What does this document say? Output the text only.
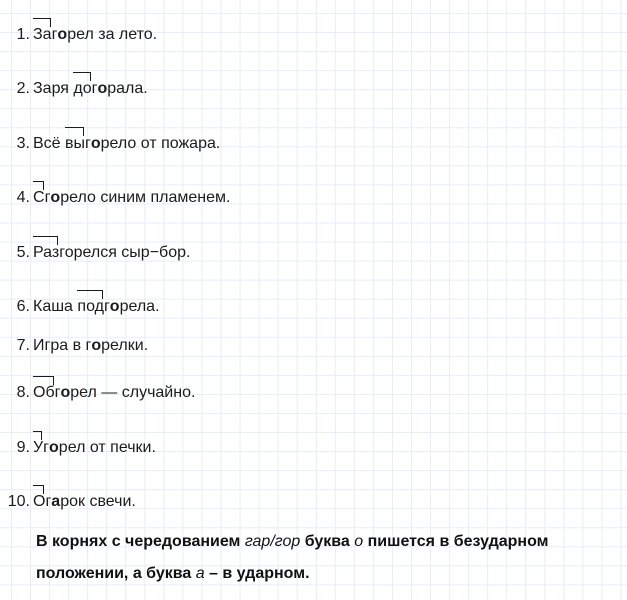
1. Загорел за лето.
2. Заря догорала.
3. Всё выгорело от пожара.
4. Сгорело синим пламенем.
5. Разгорелся сыр−бор.
6. Каша подгорела.
7. Игра в горелки.
8. Обгорел — случайно.
9. Угорел от печки.
10. Огарок свечи.
В корнях с чередованием гар/гор буква о пишется в безударном
положении, а буква а – в ударном.
